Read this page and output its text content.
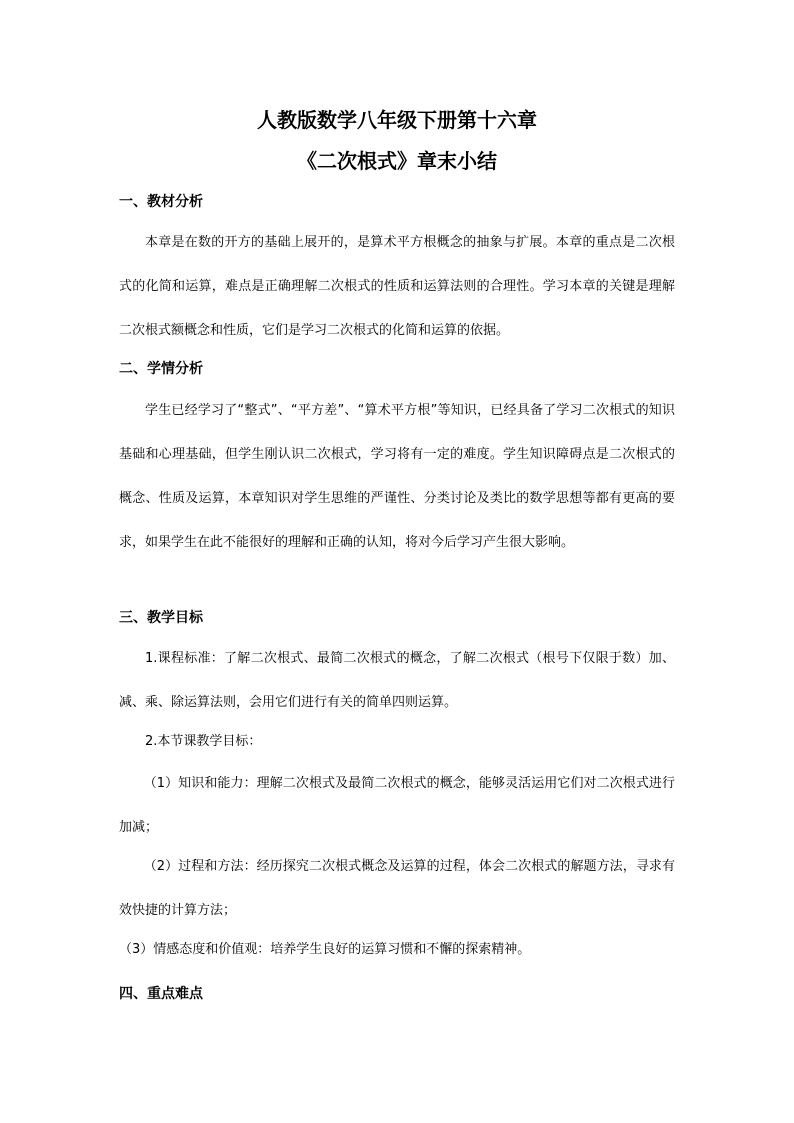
人教版数学八年级下册第十六章
《二次根式》章末小结
一、教材分析

本章是在数的开方的基础上展开的，是算术平方根概念的抽象与扩展。本章的重点是二次根式的化简和运算，难点是正确理解二次根式的性质和运算法则的合理性。学习本章的关键是理解二次根式额概念和性质，它们是学习二次根式的化简和运算的依据。

二、学情分析

学生已经学习了“整式”、“平方差”、“算术平方根”等知识，已经具备了学习二次根式的知识基础和心理基础，但学生刚认识二次根式，学习将有一定的难度。学生知识障碍点是二次根式的概念、性质及运算，本章知识对学生思维的严谨性、分类讨论及类比的数学思想等都有更高的要求，如果学生在此不能很好的理解和正确的认知，将对今后学习产生很大影响。

三、教学目标

1.课程标准：了解二次根式、最简二次根式的概念，了解二次根式（根号下仅限于数）加、减、乘、除运算法则，会用它们进行有关的简单四则运算。

2.本节课教学目标：

（1）知识和能力：理解二次根式及最简二次根式的概念，能够灵活运用它们对二次根式进行加减；

（2）过程和方法：经历探究二次根式概念及运算的过程，体会二次根式的解题方法，寻求有效快捷的计算方法；

（3）情感态度和价值观：培养学生良好的运算习惯和不懈的探索精神。
四、重点难点
